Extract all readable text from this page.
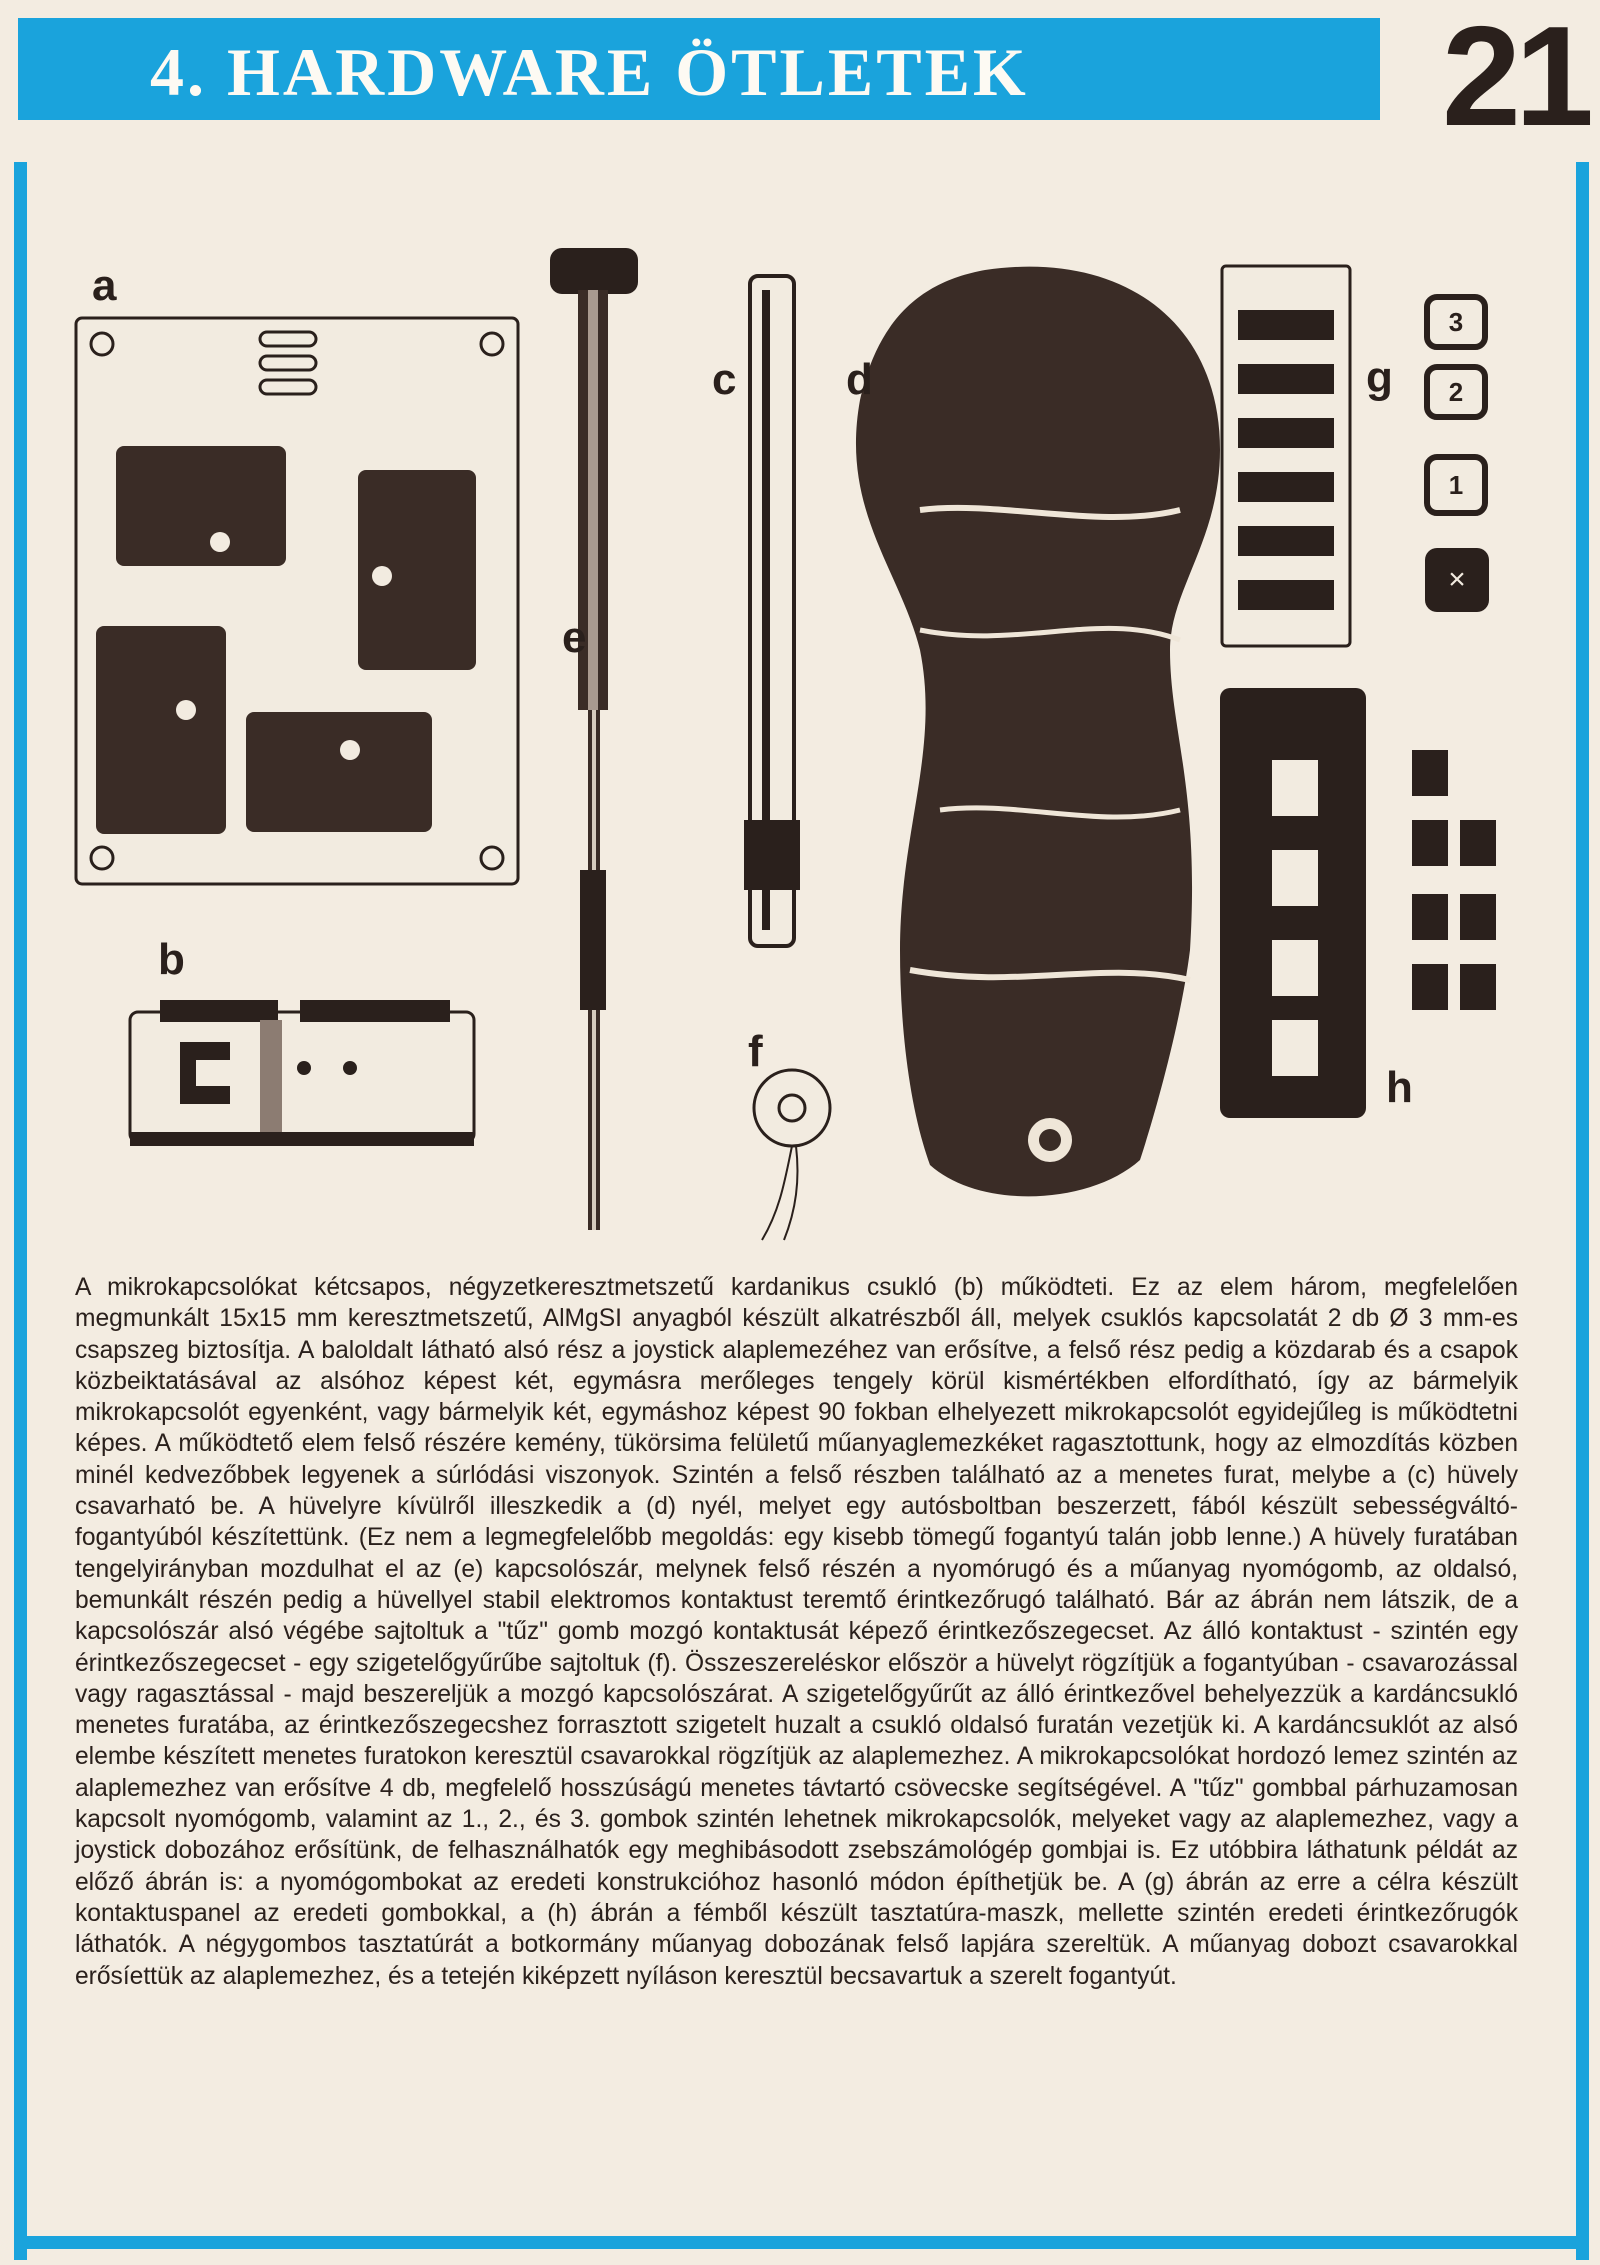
4. HARDWARE ÖTLETEK	21
a
b
c d
e
f
g
h
3
2
1
×

A mikrokapcsolókat kétcsapos, négyzetkeresztmetszetű kardanikus csukló (b) működteti. Ez az elem három, megfelelően megmunkált 15x15 mm keresztmetszetű, AlMgSI anyagból készült alkatrészből áll, melyek csuklós kapcsolatát 2 db Ø 3 mm-es csapszeg biztosítja. A baloldalt látható alsó rész a joystick alaplemezéhez van erősítve, a felső rész pedig a közdarab és a csapok közbeiktatásával az alsóhoz képest két, egymásra merőleges tengely körül kismértékben elfordítható, így az bármelyik mikrokapcsolót egyenként, vagy bármelyik két, egymáshoz képest 90 fokban elhelyezett mikrokapcsolót egyidejűleg is működtetni képes. A működtető elem felső részére kemény, tükörsima felületű műanyaglemezkéket ragasztottunk, hogy az elmozdítás közben minél kedvezőbbek legyenek a súrlódási viszonyok. Szintén a felső részben található az a menetes furat, melybe a (c) hüvely csavarható be. A hüvelyre kívülről illeszkedik a (d) nyél, melyet egy autósboltban beszerzett, fából készült sebességváltó-fogantyúból készítettünk. (Ez nem a legmegfelelőbb megoldás: egy kisebb tömegű fogantyú talán jobb lenne.) A hüvely furatában tengelyirányban mozdulhat el az (e) kapcsolószár, melynek felső részén a nyomórugó és a műanyag nyomógomb, az oldalsó, bemunkált részén pedig a hüvellyel stabil elektromos kontaktust teremtő érintkezőrugó található. Bár az ábrán nem látszik, de a kapcsolószár alsó végébe sajtoltuk a "tűz" gomb mozgó kontaktusát képező érintkezőszegecset. Az álló kontaktust - szintén egy érintkezőszegecset - egy szigetelőgyűrűbe sajtoltuk (f). Összeszereléskor először a hüvelyt rögzítjük a fogantyúban - csavarozással vagy ragasztással - majd beszereljük a mozgó kapcsolószárat. A szigetelőgyűrűt az álló érintkezővel behelyezzük a kardáncsukló menetes furatába, az érintkezőszegecshez forrasztott szigetelt huzalt a csukló oldalsó furatán vezetjük ki. A kardáncsuklót az alsó elembe készített menetes furatokon keresztül csavarokkal rögzítjük az alaplemezhez. A mikrokapcsolókat hordozó lemez szintén az alaplemezhez van erősítve 4 db, megfelelő hosszúságú menetes távtartó csövecske segítségével. A "tűz" gombbal párhuzamosan kapcsolt nyomógomb, valamint az 1., 2., és 3. gombok szintén lehetnek mikrokapcsolók, melyeket vagy az alaplemezhez, vagy a joystick dobozához erősítünk, de felhasználhatók egy meghibásodott zsebszámológép gombjai is. Ez utóbbira láthatunk példát az előző ábrán is: a nyomógombokat az eredeti konstrukcióhoz hasonló módon építhetjük be. A (g) ábrán az erre a célra készült kontaktuspanel az eredeti gombokkal, a (h) ábrán a fémből készült tasztatúra-maszk, mellette szintén eredeti érintkezőrugók láthatók. A négygombos tasztatúrát a botkormány műanyag dobozának felső lapjára szereltük. A műanyag dobozt csavarokkal erősíettük az alaplemezhez, és a tetején kiképzett nyíláson keresztül becsavartuk a szerelt fogantyút.
